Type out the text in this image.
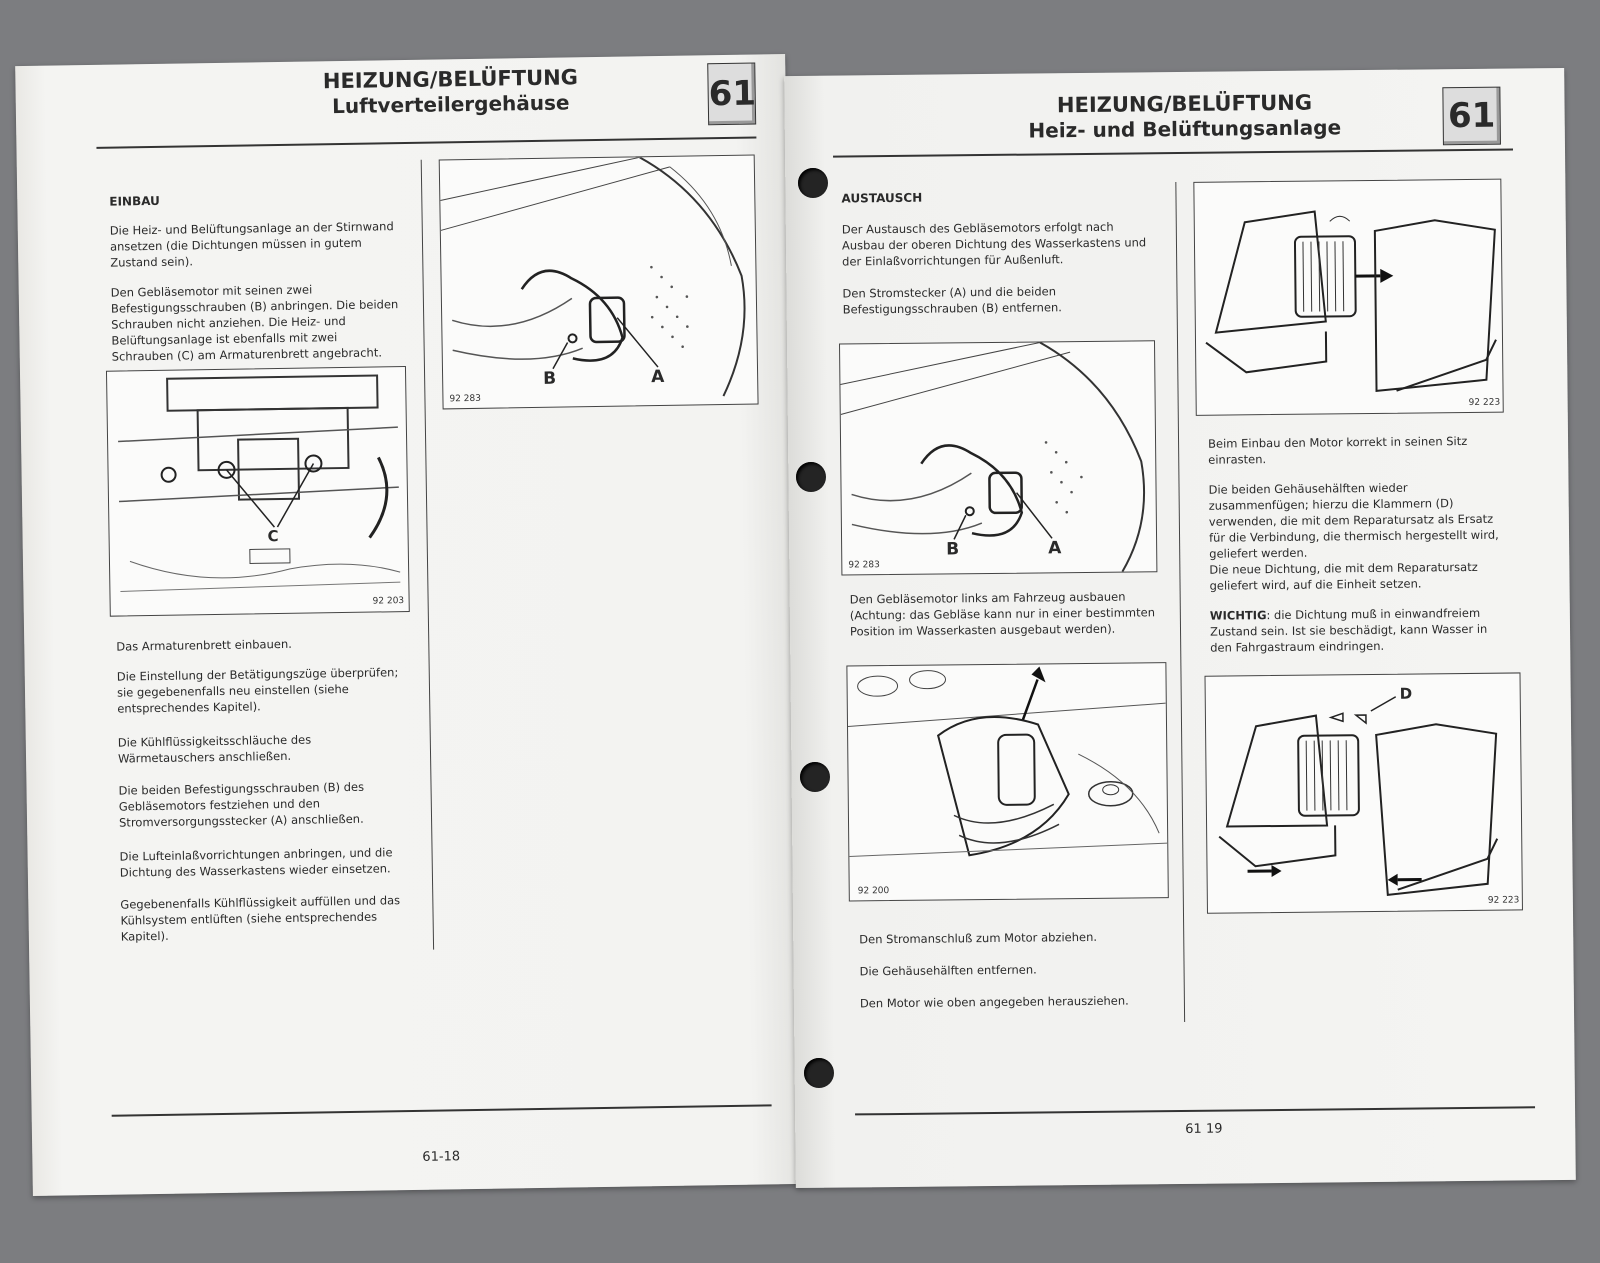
HEIZUNG/BELÜFTUNG
Luftverteilergehäuse	61
EINBAU
Die Heiz- und Belüftungsanlage an der Stirnwand ansetzen (die Dichtungen müssen in gutem Zustand sein).
Den Gebläsemotor mit seinen zwei Befestigungsschrauben (B) anbringen. Die beiden Schrauben nicht anziehen. Die Heiz- und Belüftungsanlage ist ebenfalls mit zwei Schrauben (C) am Armaturenbrett angebracht.
C
92 203
Das Armaturenbrett einbauen.
Die Einstellung der Betätigungszüge überprüfen; sie gegebenenfalls neu einstellen (siehe entsprechendes Kapitel).
Die Kühlflüssigkeitsschläuche des Wärmetauschers anschließen.
Die beiden Befestigungsschrauben (B) des Gebläsemotors festziehen und den Stromversorgungsstecker (A) anschließen.
Die Lufteinlaßvorrichtungen anbringen, und die Dichtung des Wasserkastens wieder einsetzen.
Gegebenenfalls Kühlflüssigkeit auffüllen und das Kühlsystem entlüften (siehe entsprechendes Kapitel).
B	A
92 283
61-18
HEIZUNG/BELÜFTUNG
Heiz- und Belüftungsanlage	61
AUSTAUSCH
Der Austausch des Gebläsemotors erfolgt nach Ausbau der oberen Dichtung des Wasserkastens und der Einlaßvorrichtungen für Außenluft.
Den Stromstecker (A) und die beiden Befestigungsschrauben (B) entfernen.
B	A
92 283
Den Gebläsemotor links am Fahrzeug ausbauen (Achtung: das Gebläse kann nur in einer bestimmten Position im Wasserkasten ausgebaut werden).
92 200
Den Stromanschluß zum Motor abziehen.
Die Gehäusehälften entfernen.
Den Motor wie oben angegeben herausziehen.
92 223
Beim Einbau den Motor korrekt in seinen Sitz einrasten.
Die beiden Gehäusehälften wieder zusammenfügen; hierzu die Klammern (D) verwenden, die mit dem Reparatursatz als Ersatz für die Verbindung, die thermisch hergestellt wird, geliefert werden.
Die neue Dichtung, die mit dem Reparatursatz geliefert wird, auf die Einheit setzen.
WICHTIG: die Dichtung muß in einwandfreiem Zustand sein. Ist sie beschädigt, kann Wasser in den Fahrgastraum eindringen.
D
92 223
61 19
